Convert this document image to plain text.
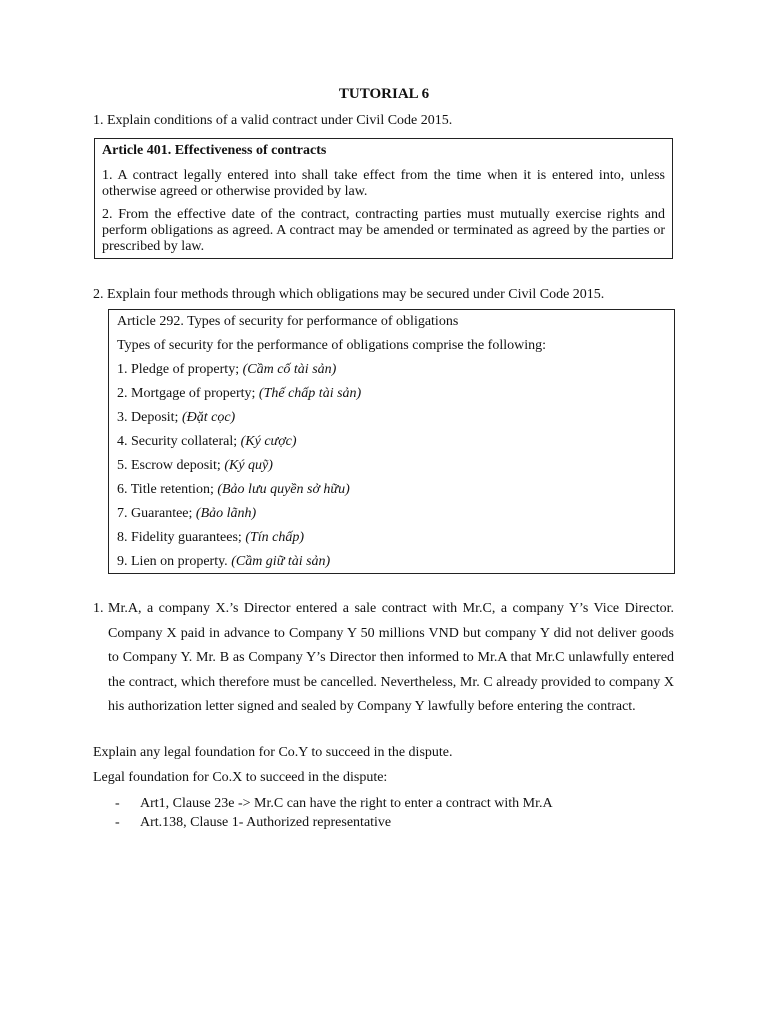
TUTORIAL 6
1. Explain conditions of a valid contract under Civil Code 2015.
Article 401. Effectiveness of contracts

1. A contract legally entered into shall take effect from the time when it is entered into, unless otherwise agreed or otherwise provided by law.

2. From the effective date of the contract, contracting parties must mutually exercise rights and perform obligations as agreed. A contract may be amended or terminated as agreed by the parties or prescribed by law.

2. Explain four methods through which obligations may be secured under Civil Code 2015.
Article 292. Types of security for performance of obligations
Types of security for the performance of obligations comprise the following:
1. Pledge of property; (Cầm cố tài sản)
2. Mortgage of property; (Thế chấp tài sản)
3. Deposit; (Đặt cọc)
4. Security collateral; (Ký cược)
5. Escrow deposit; (Ký quỹ)
6. Title retention; (Bảo lưu quyền sở hữu)
7. Guarantee; (Bảo lãnh)
8. Fidelity guarantees; (Tín chấp)
9. Lien on property. (Cầm giữ tài sản)
1. Mr.A, a company X.’s Director entered a sale contract with Mr.C, a company Y’s Vice Director. Company X paid in advance to Company Y 50 millions VND but company Y did not deliver goods to Company Y. Mr. B as Company Y’s Director then informed to Mr.A that Mr.C unlawfully entered the contract, which therefore must be cancelled. Nevertheless, Mr. C already provided to company X his authorization letter signed and sealed by Company Y lawfully before entering the contract.
Explain any legal foundation for Co.Y to succeed in the dispute.
Legal foundation for Co.X to succeed in the dispute:
- Art1, Clause 23e -> Mr.C can have the right to enter a contract with Mr.A
- Art.138, Clause 1- Authorized representative
